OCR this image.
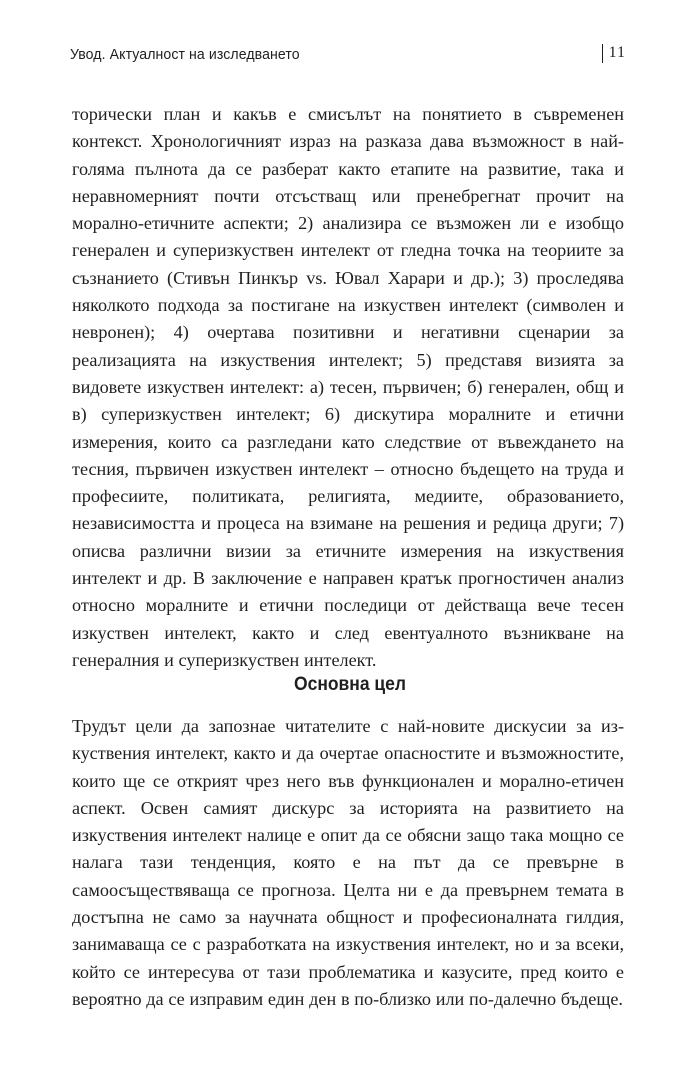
Увод. Актуалност на изследването	11
торически план и какъв е смисълът на понятието в съвременен контекст. Хронологичният израз на разказа дава възможност в най-голяма пълнота да се разберат както етапите на развитие, така и неравномерният почти отсъстващ или пренебрегнат прочит на морално-етичните аспекти; 2) анализира се възможен ли е изобщо генерален и суперизкуствен интелект от гледна точка на теориите за съзнанието (Стивън Пинкър vs. Ювал Харари и др.); 3) проследява няколкото подхода за постигане на изкуствен интелект (символен и невронен); 4) очертава позитивни и негативни сценарии за реализацията на изкуствения интелект; 5) представя визията за видовете изкуствен интелект: а) тесен, първичен; б) генерален, общ и в) суперизкуствен интелект; 6) дискутира моралните и етични измерения, които са разгледани като следствие от въвеждането на тесния, първичен изкуствен интелект – относно бъдещето на труда и професиите, политиката, религията, медиите, образованието, независимостта и процеса на взимане на решения и редица други; 7) описва различни визии за етичните измерения на изкуствения интелект и др. В заключение е направен кратък прогностичен анализ относно моралните и етични последици от действаща вече тесен изкуствен интелект, както и след евентуалното възникване на генералния и суперизкуствен интелект.
Основна цел
Трудът цели да запознае читателите с най-новите дискусии за изкуствения интелект, както и да очертае опасностите и възможностите, които ще се открият чрез него във функционален и морално-етичен аспект. Освен самият дискурс за историята на развитието на изкуствения интелект налице е опит да се обясни защо така мощно се налага тази тенденция, която е на път да се превърне в самоосъществяваща се прогноза. Целта ни е да превърнем темата в достъпна не само за научната общност и професионалната гилдия, занимаваща се с разработката на изкуствения интелект, но и за всеки, който се интересува от тази проблематика и казусите, пред които е вероятно да се изправим един ден в по-близко или по-далечно бъдеще.
